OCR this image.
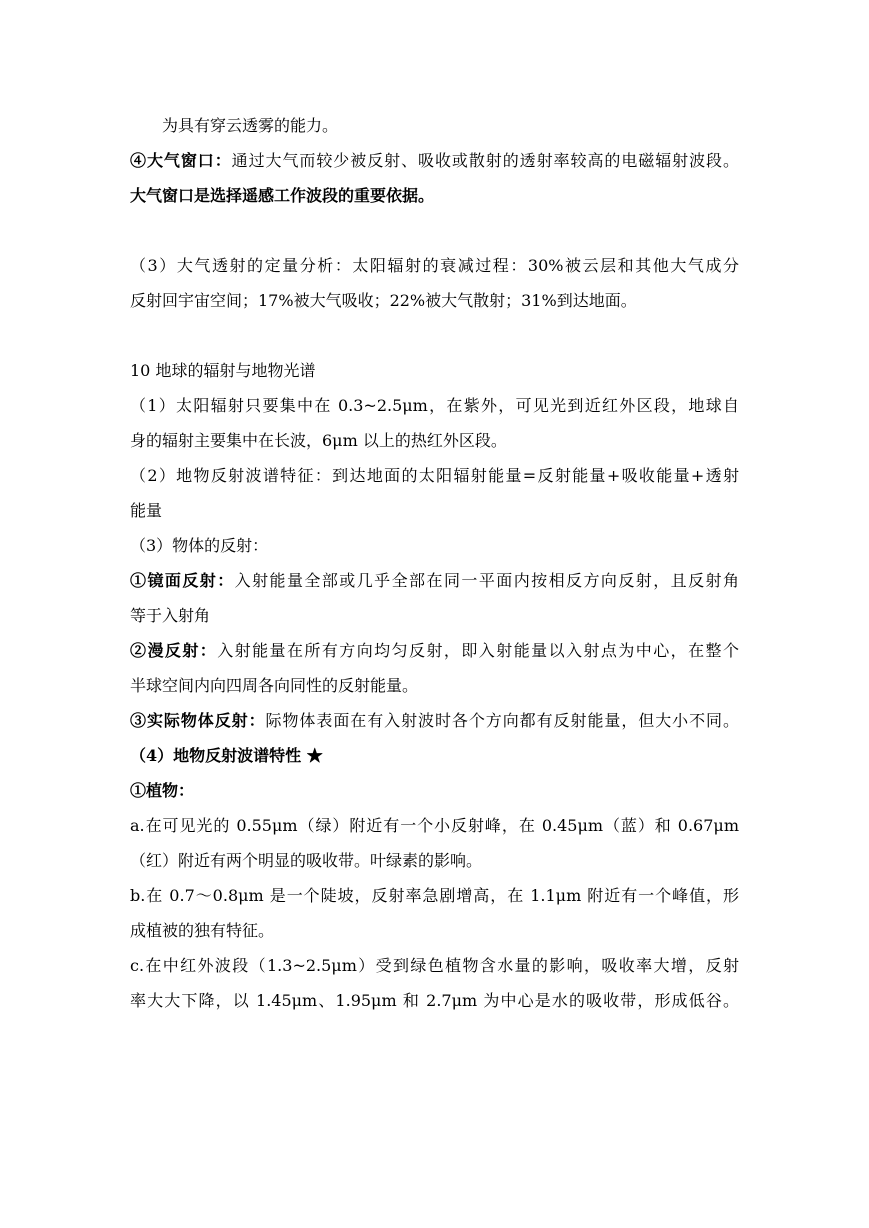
为具有穿云透雾的能力。
④大气窗口：通过大气而较少被反射、吸收或散射的透射率较高的电磁辐射波段。
大气窗口是选择遥感工作波段的重要依据。
（3）大气透射的定量分析：太阳辐射的衰减过程：30%被云层和其他大气成分
反射回宇宙空间；17%被大气吸收；22%被大气散射；31%到达地面。
10 地球的辐射与地物光谱
（1）太阳辐射只要集中在 0.3~2.5μm，在紫外，可见光到近红外区段，地球自
身的辐射主要集中在长波，6μm 以上的热红外区段。
（2）地物反射波谱特征：到达地面的太阳辐射能量=反射能量+吸收能量+透射
能量
（3）物体的反射：
①镜面反射：入射能量全部或几乎全部在同一平面内按相反方向反射，且反射角
等于入射角
②漫反射：入射能量在所有方向均匀反射，即入射能量以入射点为中心，在整个
半球空间内向四周各向同性的反射能量。
③实际物体反射：际物体表面在有入射波时各个方向都有反射能量，但大小不同。
（4）地物反射波谱特性 ★
①植物：
a.在可见光的 0.55μm（绿）附近有一个小反射峰，在 0.45μm（蓝）和 0.67μm
（红）附近有两个明显的吸收带。叶绿素的影响。
b.在 0.7～0.8μm 是一个陡坡，反射率急剧增高，在 1.1μm 附近有一个峰值，形
成植被的独有特征。
c.在中红外波段（1.3~2.5μm）受到绿色植物含水量的影响，吸收率大增，反射
率大大下降，以 1.45μm、1.95μm 和 2.7μm 为中心是水的吸收带，形成低谷。
